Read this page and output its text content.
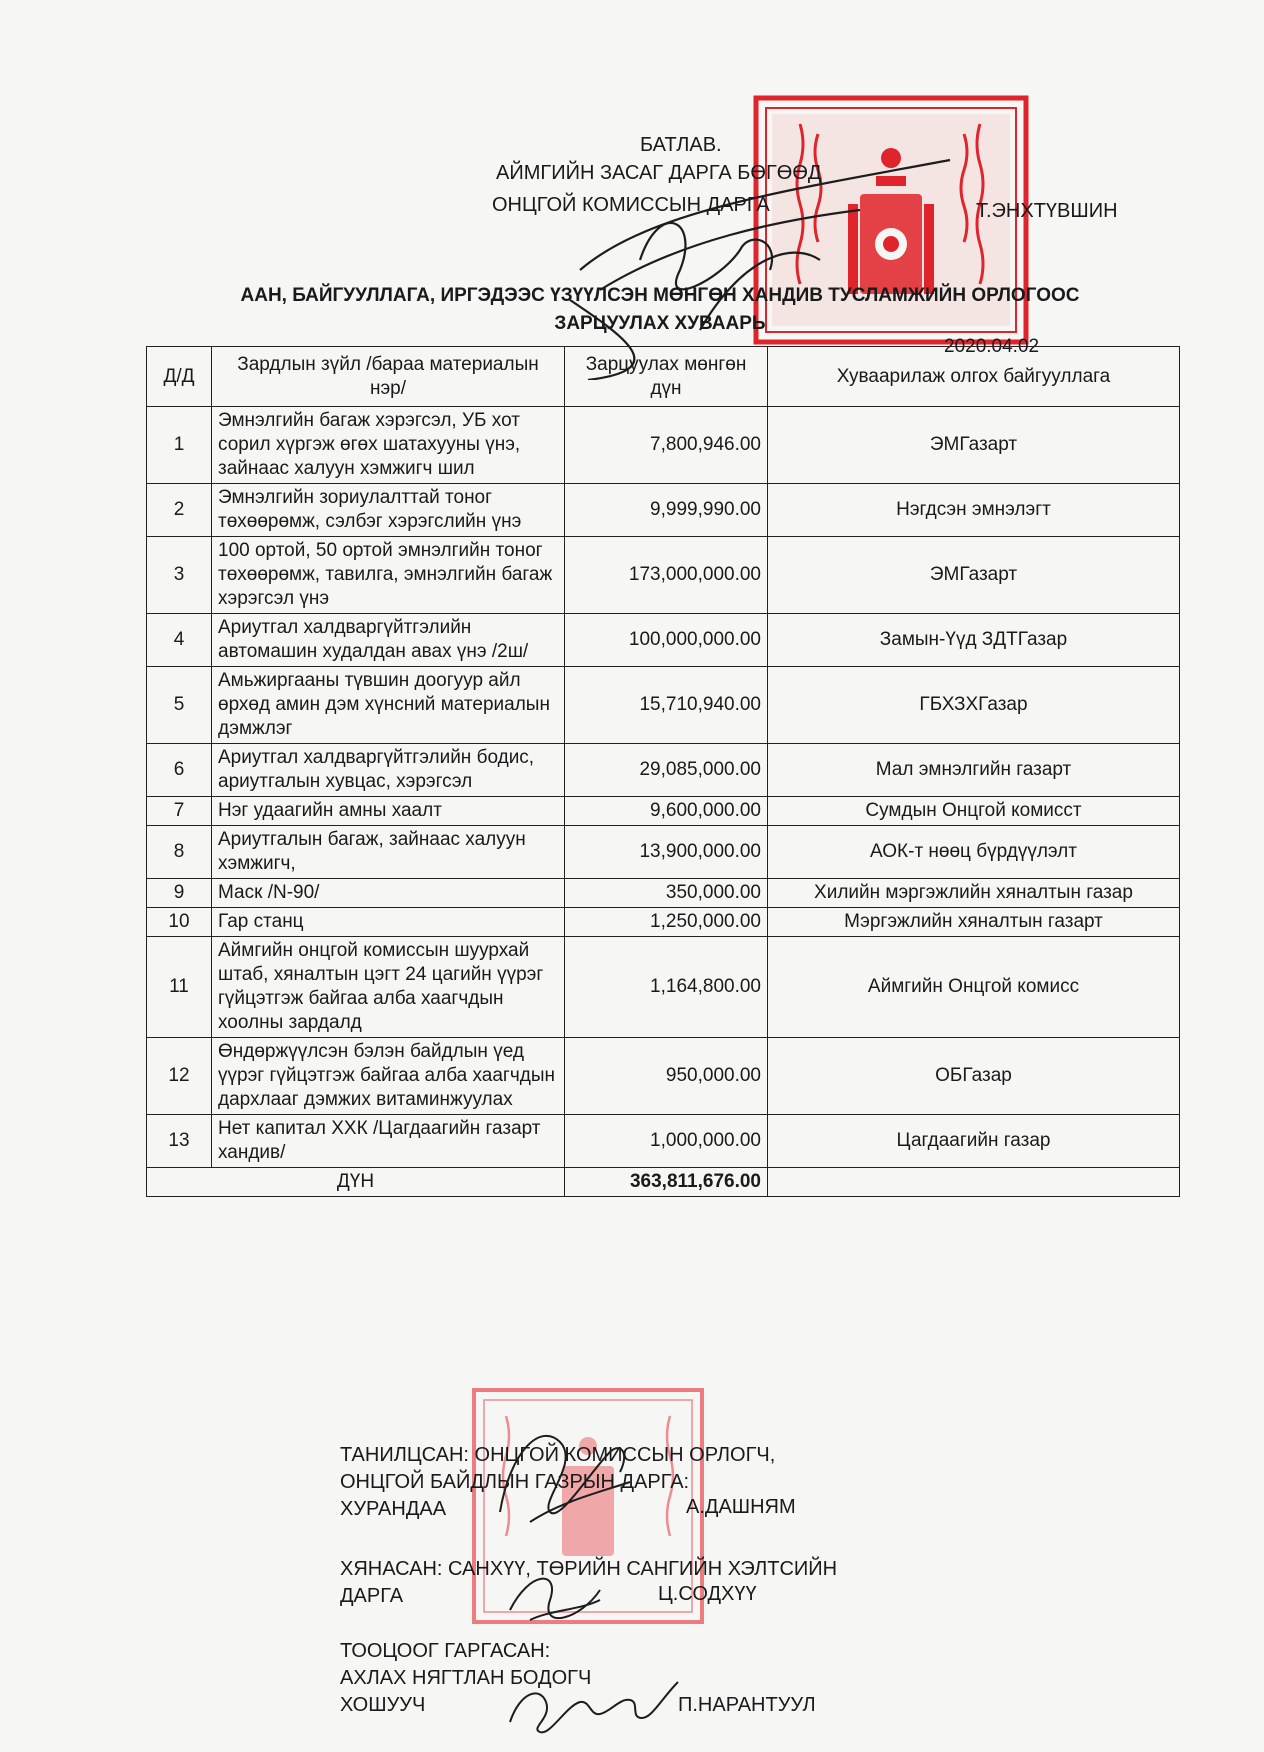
БАТЛАВ.
АЙМГИЙН ЗАСАГ ДАРГА БӨГӨӨД
ОНЦГОЙ КОМИССЫН ДАРГА	Т.ЭНХТҮВШИН
ААН, БАЙГУУЛЛАГА, ИРГЭДЭЭС ҮЗҮҮЛСЭН МӨНГӨН ХАНДИВ ТУСЛАМЖИЙН ОРЛОГООС
ЗАРЦУУЛАХ ХУВААРЬ
2020.04.02
Д/Д	Зардлын зүйл /бараа материалын нэр/	Зарцуулах мөнгөн дүн	Хуваарилаж олгох байгууллага
1	Эмнэлгийн багаж хэрэгсэл, УБ хот сорил хүргэж өгөх шатахууны үнэ, зайнаас халуун хэмжигч шил	7,800,946.00	ЭМГазарт
2	Эмнэлгийн зориулалттай тоног төхөөрөмж, сэлбэг хэрэгслийн үнэ	9,999,990.00	Нэгдсэн эмнэлэгт
3	100 ортой, 50 ортой эмнэлгийн тоног төхөөрөмж, тавилга, эмнэлгийн багаж хэрэгсэл үнэ	173,000,000.00	ЭМГазарт
4	Ариутгал халдваргүйтгэлийн автомашин худалдан авах үнэ /2ш/	100,000,000.00	Замын-Үүд ЗДТГазар
5	Амьжиргааны түвшин доогуур айл өрхөд амин дэм хүнсний материалын дэмжлэг	15,710,940.00	ГБХЗХГазар
6	Ариутгал халдваргүйтгэлийн бодис, ариутгалын хувцас, хэрэгсэл	29,085,000.00	Мал эмнэлгийн газарт
7	Нэг удаагийн амны хаалт	9,600,000.00	Сумдын Онцгой комисст
8	Ариутгалын багаж, зайнаас халуун хэмжигч,	13,900,000.00	АОК-т нөөц бүрдүүлэлт
9	Маск /N-90/	350,000.00	Хилийн мэргэжлийн хяналтын газар
10	Гар станц	1,250,000.00	Мэргэжлийн хяналтын газарт
11	Аймгийн онцгой комиссын шуурхай штаб, хяналтын цэгт 24 цагийн үүрэг гүйцэтгэж байгаа алба хаагчдын хоолны зардалд	1,164,800.00	Аймгийн Онцгой комисс
12	Өндөржүүлсэн бэлэн байдлын үед үүрэг гүйцэтгэж байгаа алба хаагчдын дархлааг дэмжих витаминжуулах	950,000.00	ОБГазар
13	Нет капитал ХХК /Цагдаагийн газарт хандив/	1,000,000.00	Цагдаагийн газар
ДҮН		363,811,676.00	
ТАНИЛЦСАН: ОНЦГОЙ КОМИССЫН ОРЛОГЧ,
ОНЦГОЙ БАЙДЛЫН ГАЗРЫН ДАРГА:
ХУРАНДАА	А.ДАШНЯМ
ХЯНАСАН: САНХҮҮ, ТӨРИЙН САНГИЙН ХЭЛТСИЙН
ДАРГА	Ц.СОДХҮҮ
ТООЦООГ ГАРГАСАН:
АХЛАХ НЯГТЛАН БОДОГЧ
ХОШУУЧ	П.НАРАНТУУЛ
